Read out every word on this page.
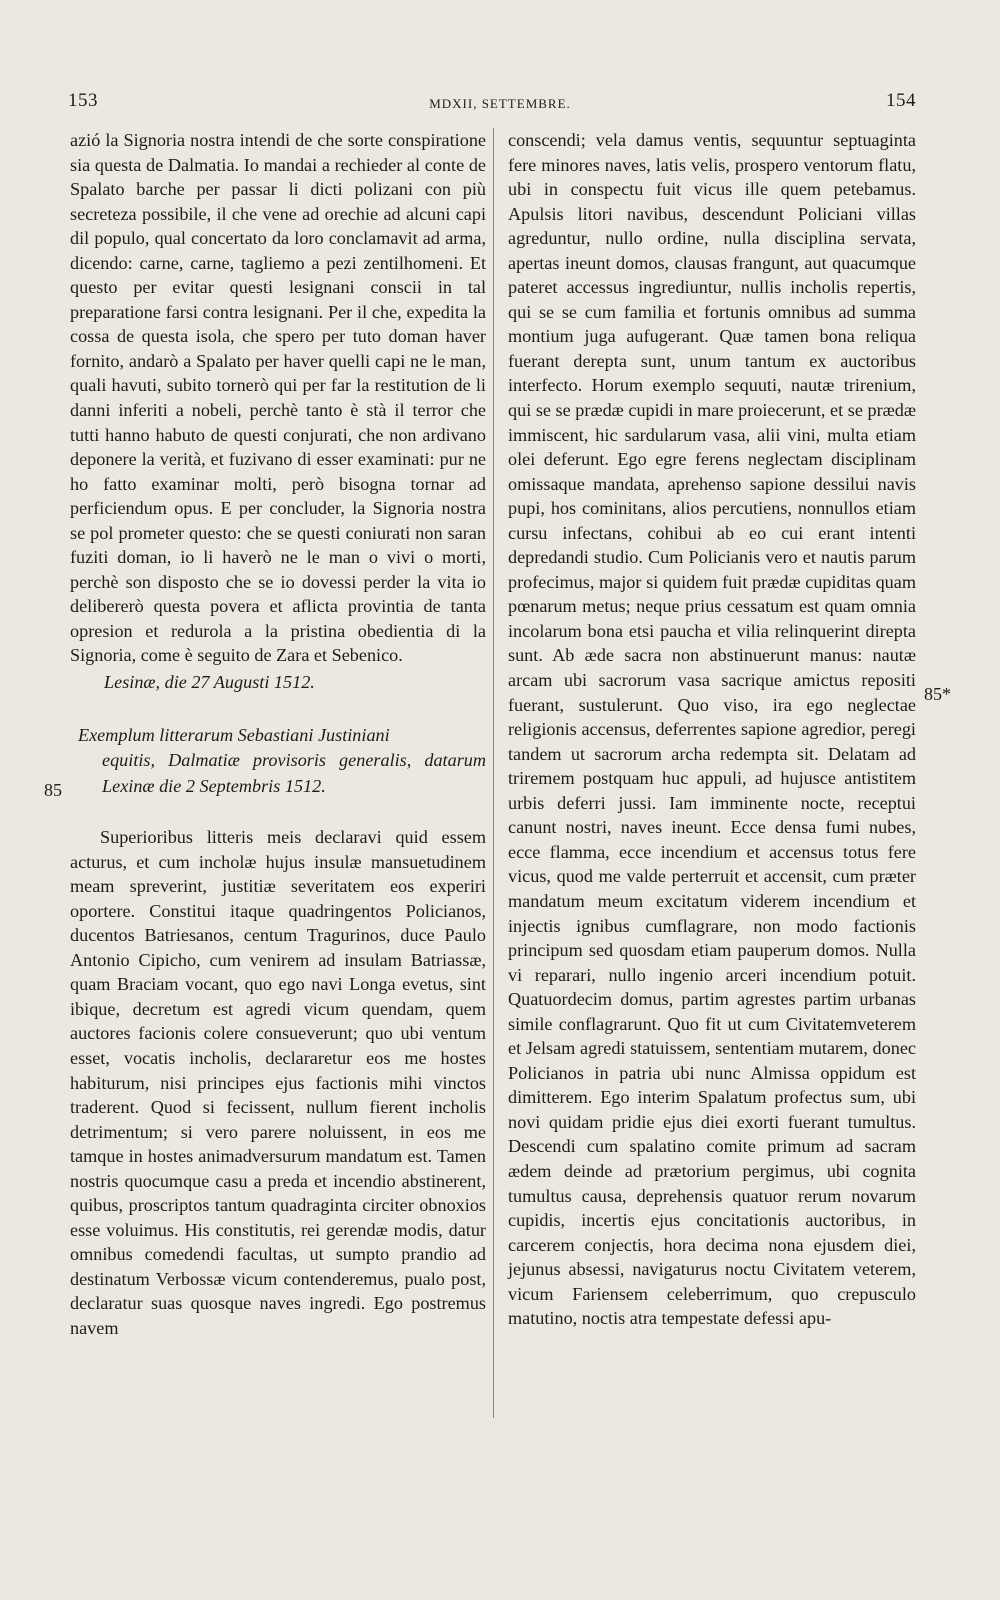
153	MDXII, SETTEMBRE.	154

azió la Signoria nostra intendi de che sorte conspiratione sia questa de Dalmatia. Io mandai a rechieder al conte de Spalato barche per passar li dicti polizani con più secreteza possibile, il che vene ad orechie ad alcuni capi dil populo, qual concertato da loro conclamavit ad arma, dicendo: carne, carne, tagliemo a pezi zentilhomeni. Et questo per evitar questi lesignani conscii in tal preparatione farsi contra lesignani. Per il che, expedita la cossa de questa isola, che spero per tuto doman haver fornito, andarò a Spalato per haver quelli capi ne le man, quali havuti, subito tornerò qui per far la restitution de li danni inferiti a nobeli, perchè tanto è stà il terror che tutti hanno habuto de questi conjurati, che non ardivano deponere la verità, et fuzivano di esser examinati: pur ne ho fatto examinar molti, però bisogna tornar ad perficiendum opus. E per concluder, la Signoria nostra se pol prometer questo: che se questi coniurati non saran fuziti doman, io li haverò ne le man o vivi o morti, perchè son disposto che se io dovessi perder la vita io delibererò questa povera et aflicta provintia de tanta opresion et redurola a la pristina obedientia di la Signoria, come è seguito de Zara et Sebenico.

Lesinæ, die 27 Augusti 1512.

Exemplum litterarum Sebastiani Justiniani
equitis, Dalmatiæ provisoris generalis, datarum Lexinæ die 2 Septembris 1512.

Superioribus litteris meis declaravi quid essem acturus, et cum incholæ hujus insulæ mansuetudinem meam spreverint, justitiæ severitatem eos experiri oportere. Constitui itaque quadringentos Policianos, ducentos Batriesanos, centum Tragurinos, duce Paulo Antonio Cipicho, cum venirem ad insulam Batriassæ, quam Braciam vocant, quo ego navi Longa evetus, sint ibique, decretum est agredi vicum quendam, quem auctores facionis colere consueverunt; quo ubi ventum esset, vocatis incholis, declararetur eos me hostes habiturum, nisi principes ejus factionis mihi vinctos traderent. Quod si fecissent, nullum fierent incholis detrimentum; si vero parere noluissent, in eos me tamque in hostes animadversurum mandatum est. Tamen nostris quocumque casu a preda et incendio abstinerent, quibus, proscriptos tantum quadraginta circiter obnoxios esse voluimus. His constitutis, rei gerendæ modis, datur omnibus comedendi facultas, ut sumpto prandio ad destinatum Verbossæ vicum contenderemus, pualo post, declaratur suas quosque naves ingredi. Ego postremus navem

conscendi; vela damus ventis, sequuntur septuaginta fere minores naves, latis velis, prospero ventorum flatu, ubi in conspectu fuit vicus ille quem petebamus. Apulsis litori navibus, descendunt Policiani villas agreduntur, nullo ordine, nulla disciplina servata, apertas ineunt domos, clausas frangunt, aut quacumque pateret accessus ingrediuntur, nullis incholis repertis, qui se se cum familia et fortunis omnibus ad summa montium juga aufugerant. Quæ tamen bona reliqua fuerant derepta sunt, unum tantum ex auctoribus interfecto. Horum exemplo sequuti, nautæ trirenium, qui se se prædæ cupidi in mare proiecerunt, et se prædæ immiscent, hic sardularum vasa, alii vini, multa etiam olei deferunt. Ego egre ferens neglectam disciplinam omissaque mandata, aprehenso sapione dessilui navis pupi, hos cominitans, alios percutiens, nonnullos etiam cursu infectans, cohibui ab eo cui erant intenti depredandi studio. Cum Policianis vero et nautis parum profecimus, major si quidem fuit prædæ cupiditas quam pœnarum metus; neque prius cessatum est quam omnia incolarum bona etsi paucha et vilia relinquerint direpta sunt. Ab æde sacra non abstinuerunt manus: nautæ arcam ubi sacrorum vasa sacrique amictus repositi fuerant, sustulerunt. Quo viso, ira ego neglectae religionis accensus, deferrentes sapione agredior, peregi tandem ut sacrorum archa redempta sit. Delatam ad triremem postquam huc appuli, ad hujusce antistitem urbis deferri jussi. Iam imminente nocte, receptui canunt nostri, naves ineunt. Ecce densa fumi nubes, ecce flamma, ecce incendium et accensus totus fere vicus, quod me valde perterruit et accensit, cum præter mandatum meum excitatum viderem incendium et injectis ignibus cumflagrare, non modo factionis principum sed quosdam etiam pauperum domos. Nulla vi reparari, nullo ingenio arceri incendium potuit. Quatuordecim domus, partim agrestes partim urbanas simile conflagrarunt. Quo fit ut cum Civitatemveterem et Jelsam agredi statuissem, sententiam mutarem, donec Policianos in patria ubi nunc Almissa oppidum est dimitterem. Ego interim Spalatum profectus sum, ubi novi quidam pridie ejus diei exorti fuerant tumultus. Descendi cum spalatino comite primum ad sacram ædem deinde ad prætorium pergimus, ubi cognita tumultus causa, deprehensis quatuor rerum novarum cupidis, incertis ejus concitationis auctoribus, in carcerem conjectis, hora decima nona ejusdem diei, jejunus absessi, navigaturus noctu Civitatem veterem, vicum Fariensem celeberrimum, quo crepusculo matutino, noctis atra tempestate defessi apu-

85
85*
